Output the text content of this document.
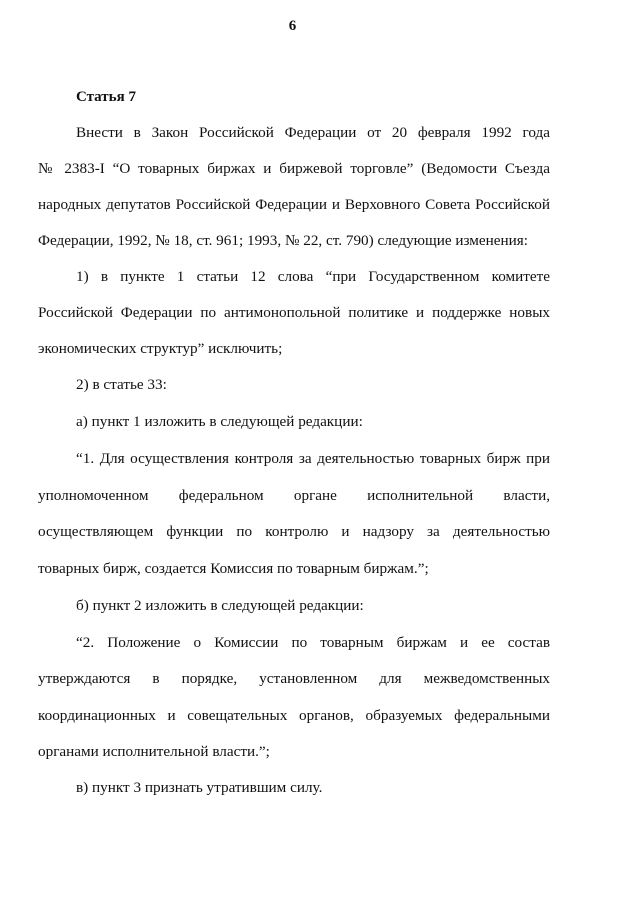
6
Статья 7
Внести в Закон Российской Федерации от 20 февраля 1992 года
№ 2383-I “О товарных биржах и биржевой торговле” (Ведомости Съезда
народных депутатов Российской Федерации и Верховного Совета Российской
Федерации, 1992, № 18, ст. 961; 1993, № 22, ст. 790) следующие изменения:
1) в пункте 1 статьи 12 слова “при Государственном комитете
Российской Федерации по антимонопольной политике и поддержке новых
экономических структур” исключить;
2) в статье 33:
а) пункт 1 изложить в следующей редакции:
“1. Для осуществления контроля за деятельностью товарных бирж при
уполномоченном федеральном органе исполнительной власти,
осуществляющем функции по контролю и надзору за деятельностью
товарных бирж, создается Комиссия по товарным биржам.”;
б) пункт 2 изложить в следующей редакции:
“2. Положение о Комиссии по товарным биржам и ее состав
утверждаются в порядке, установленном для межведомственных
координационных и совещательных органов, образуемых федеральными
органами исполнительной власти.”;
в) пункт 3 признать утратившим силу.
